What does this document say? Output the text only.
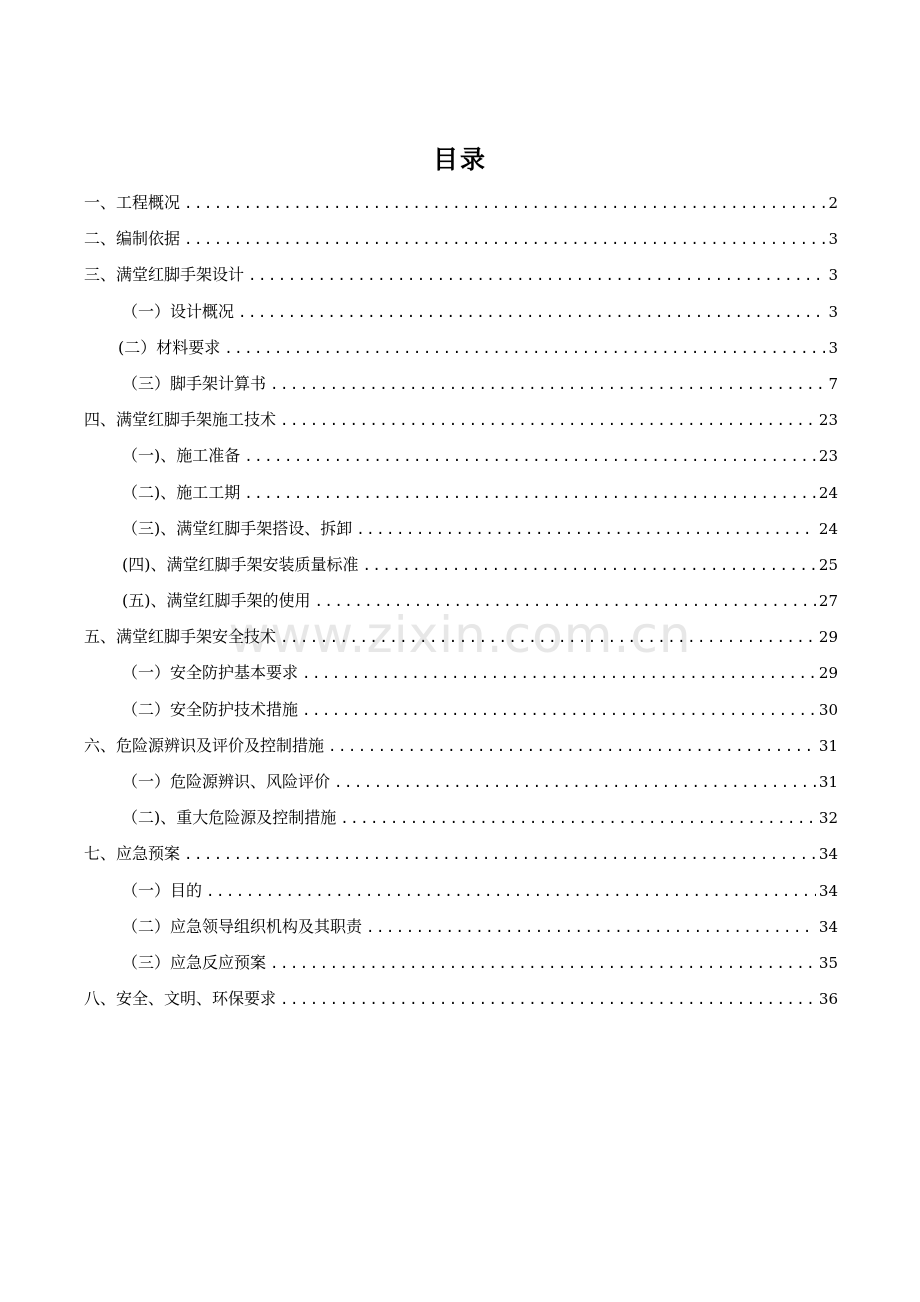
目录
一、工程概况 .....	2
二、编制依据 .....	3
三、满堂红脚手架设计 .....	3
（一）设计概况 .....	3
(二）材料要求 .....	3
（三）脚手架计算书 .....	7
四、满堂红脚手架施工技术 .....	23
（一)、施工准备 .....	23
（二)、施工工期 .....	24
（三)、满堂红脚手架搭设、拆卸 .....	24
(四)、满堂红脚手架安装质量标准 .....	25
(五)、满堂红脚手架的使用 .....	27
五、满堂红脚手架安全技术 .....	29
（一）安全防护基本要求 .....	29
（二）安全防护技术措施 .....	30
六、危险源辨识及评价及控制措施 .....	31
（一）危险源辨识、风险评价 .....	31
（二)、重大危险源及控制措施 .....	32
七、应急预案 .....	34
（一）目的 .....	34
（二）应急领导组织机构及其职责 .....	34
（三）应急反应预案 .....	35
八、安全、文明、环保要求 .....	36
www.zixin.com.cn
